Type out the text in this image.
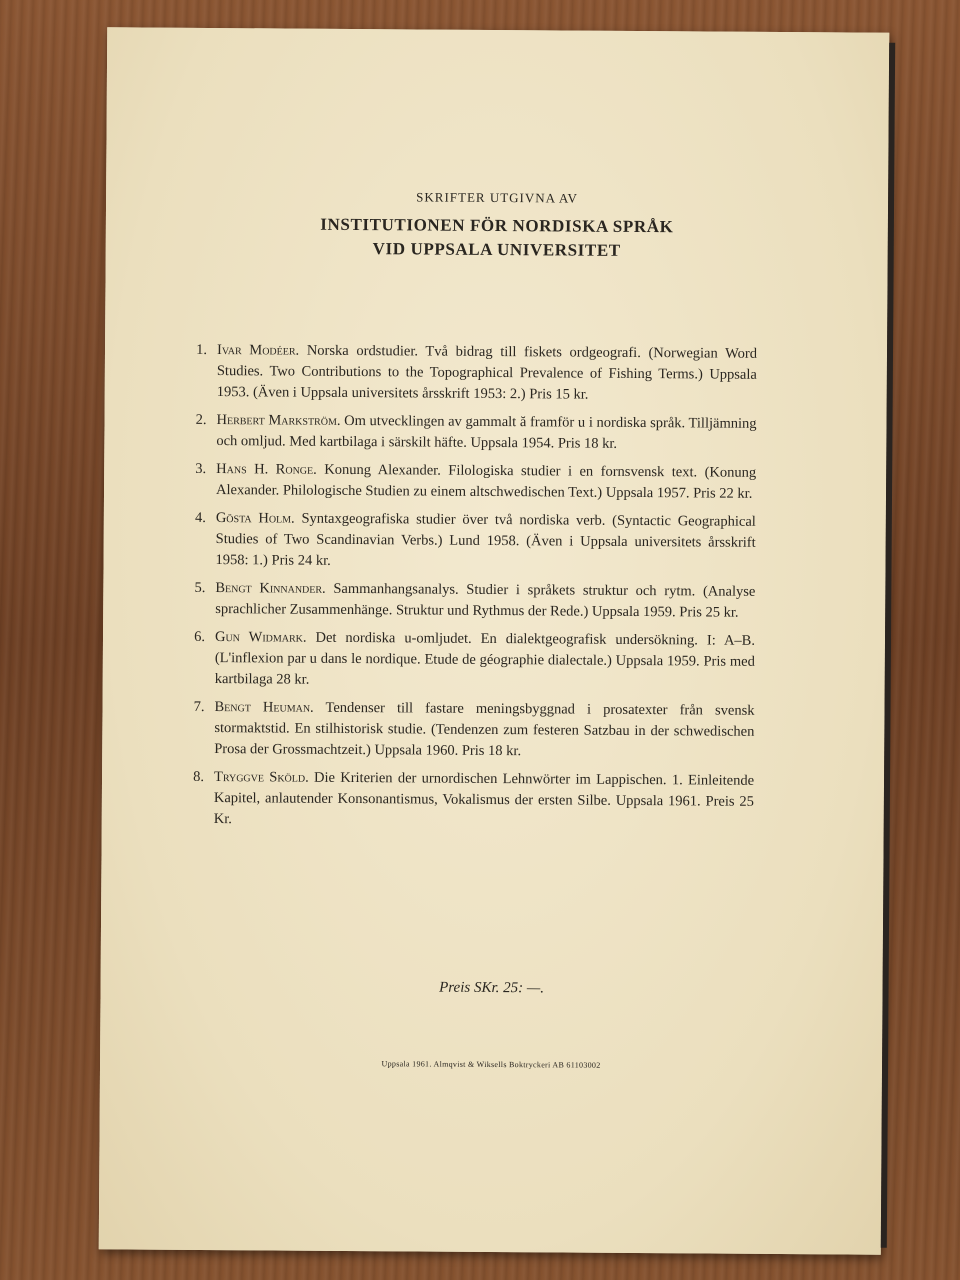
SKRIFTER UTGIVNA AV
INSTITUTIONEN FÖR NORDISKA SPRÅK
VID UPPSALA UNIVERSITET
1. Ivar Modéer. Norska ordstudier. Två bidrag till fiskets ordgeografi. (Norwegian Word Studies. Two Contributions to the Topographical Prevalence of Fishing Terms.) Uppsala 1953. (Även i Uppsala universitets årsskrift 1953: 2.) Pris 15 kr.
2. Herbert Markström. Om utvecklingen av gammalt ă framför u i nordiska språk. Tilljämning och omljud. Med kartbilaga i särskilt häfte. Uppsala 1954. Pris 18 kr.
3. Hans H. Ronge. Konung Alexander. Filologiska studier i en fornsvensk text. (Konung Alexander. Philologische Studien zu einem altschwedischen Text.) Uppsala 1957. Pris 22 kr.
4. Gösta Holm. Syntaxgeografiska studier över två nordiska verb. (Syntactic Geographical Studies of Two Scandinavian Verbs.) Lund 1958. (Även i Uppsala universitets årsskrift 1958: 1.) Pris 24 kr.
5. Bengt Kinnander. Sammanhangsanalys. Studier i språkets struktur och rytm. (Analyse sprachlicher Zusammenhänge. Struktur und Rythmus der Rede.) Uppsala 1959. Pris 25 kr.
6. Gun Widmark. Det nordiska u-omljudet. En dialektgeografisk undersökning. I: A–B. (L'inflexion par u dans le nordique. Etude de géographie dialectale.) Uppsala 1959. Pris med kartbilaga 28 kr.
7. Bengt Heuman. Tendenser till fastare meningsbyggnad i prosatexter från svensk stormaktstid. En stilhistorisk studie. (Tendenzen zum festeren Satzbau in der schwedischen Prosa der Grossmachtzeit.) Uppsala 1960. Pris 18 kr.
8. Tryggve Sköld. Die Kriterien der urnordischen Lehnwörter im Lappischen. 1. Einleitende Kapitel, anlautender Konsonantismus, Vokalismus der ersten Silbe. Uppsala 1961. Preis 25 Kr.
Preis SKr. 25: —.
Uppsala 1961. Almqvist & Wiksells Boktryckeri AB 61103002
